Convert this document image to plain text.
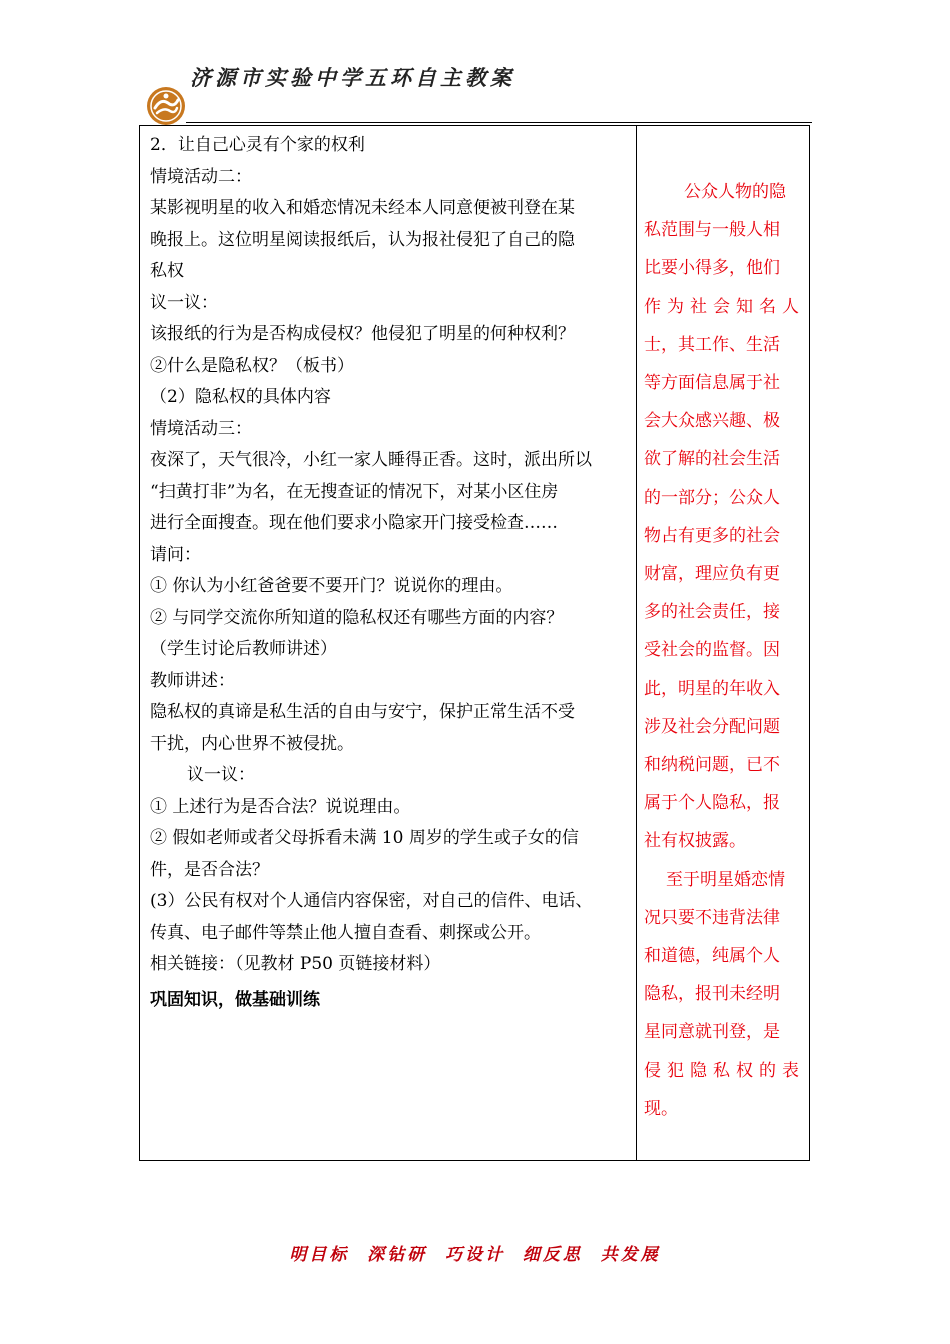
济源市实验中学五环自主教案

2．让自己心灵有个家的权利

情境活动二：

某影视明星的收入和婚恋情况未经本人同意便被刊登在某

晚报上。这位明星阅读报纸后，认为报社侵犯了自己的隐

私权

议一议：

该报纸的行为是否构成侵权？他侵犯了明星的何种权利？

②什么是隐私权？（板书）

（2）隐私权的具体内容

情境活动三：

夜深了，天气很冷，小红一家人睡得正香。这时，派出所以

“扫黄打非”为名，在无搜查证的情况下，对某小区住房

进行全面搜查。现在他们要求小隐家开门接受检查……

请问：

① 你认为小红爸爸要不要开门？说说你的理由。

② 与同学交流你所知道的隐私权还有哪些方面的内容？

（学生讨论后教师讲述）

教师讲述：

隐私权的真谛是私生活的自由与安宁，保护正常生活不受

干扰，内心世界不被侵扰。

议一议：

① 上述行为是否合法？说说理由。

② 假如老师或者父母拆看未满 10 周岁的学生或子女的信

件，是否合法？

(3）公民有权对个人通信内容保密，对自己的信件、电话、

传真、电子邮件等禁止他人擅自查看、刺探或公开。

相关链接：（见教材 P50 页链接材料）

巩固知识，做基础训练

公众人物的隐

私范围与一般人相

比要小得多，他们

作为社会知名人

士，其工作、生活

等方面信息属于社

会大众感兴趣、极

欲了解的社会生活

的一部分；公众人

物占有更多的社会

财富，理应负有更

多的社会责任，接

受社会的监督。因

此，明星的年收入

涉及社会分配问题

和纳税问题，已不

属于个人隐私，报

社有权披露。

至于明星婚恋情

况只要不违背法律

和道德，纯属个人

隐私，报刊未经明

星同意就刊登，是

侵犯隐私权的表

现。

明目标  深钻研  巧设计  细反思  共发展
